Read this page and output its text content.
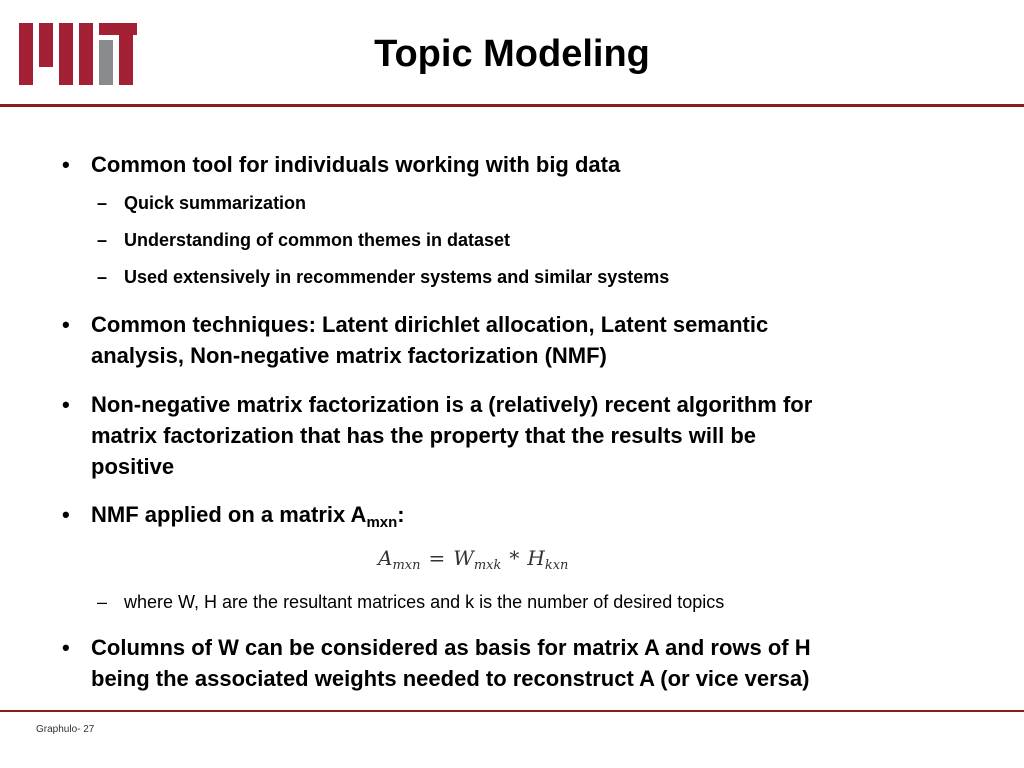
Topic Modeling
• Common tool for individuals working with big data
– Quick summarization
– Understanding of common themes in dataset
– Used extensively in recommender systems and similar systems
• Common techniques: Latent dirichlet allocation, Latent semantic
analysis, Non-negative matrix factorization (NMF)
• Non-negative matrix factorization is a (relatively) recent algorithm for
matrix factorization that has the property that the results will be
positive
• NMF applied on a matrix $A_{mxn}$:
$A_{mxn} = W_{mxk} * H_{kxn}$
– where W, H are the resultant matrices and k is the number of desired topics
• Columns of W can be considered as basis for matrix A and rows of H
being the associated weights needed to reconstruct A (or vice versa)
Graphulo- 27
